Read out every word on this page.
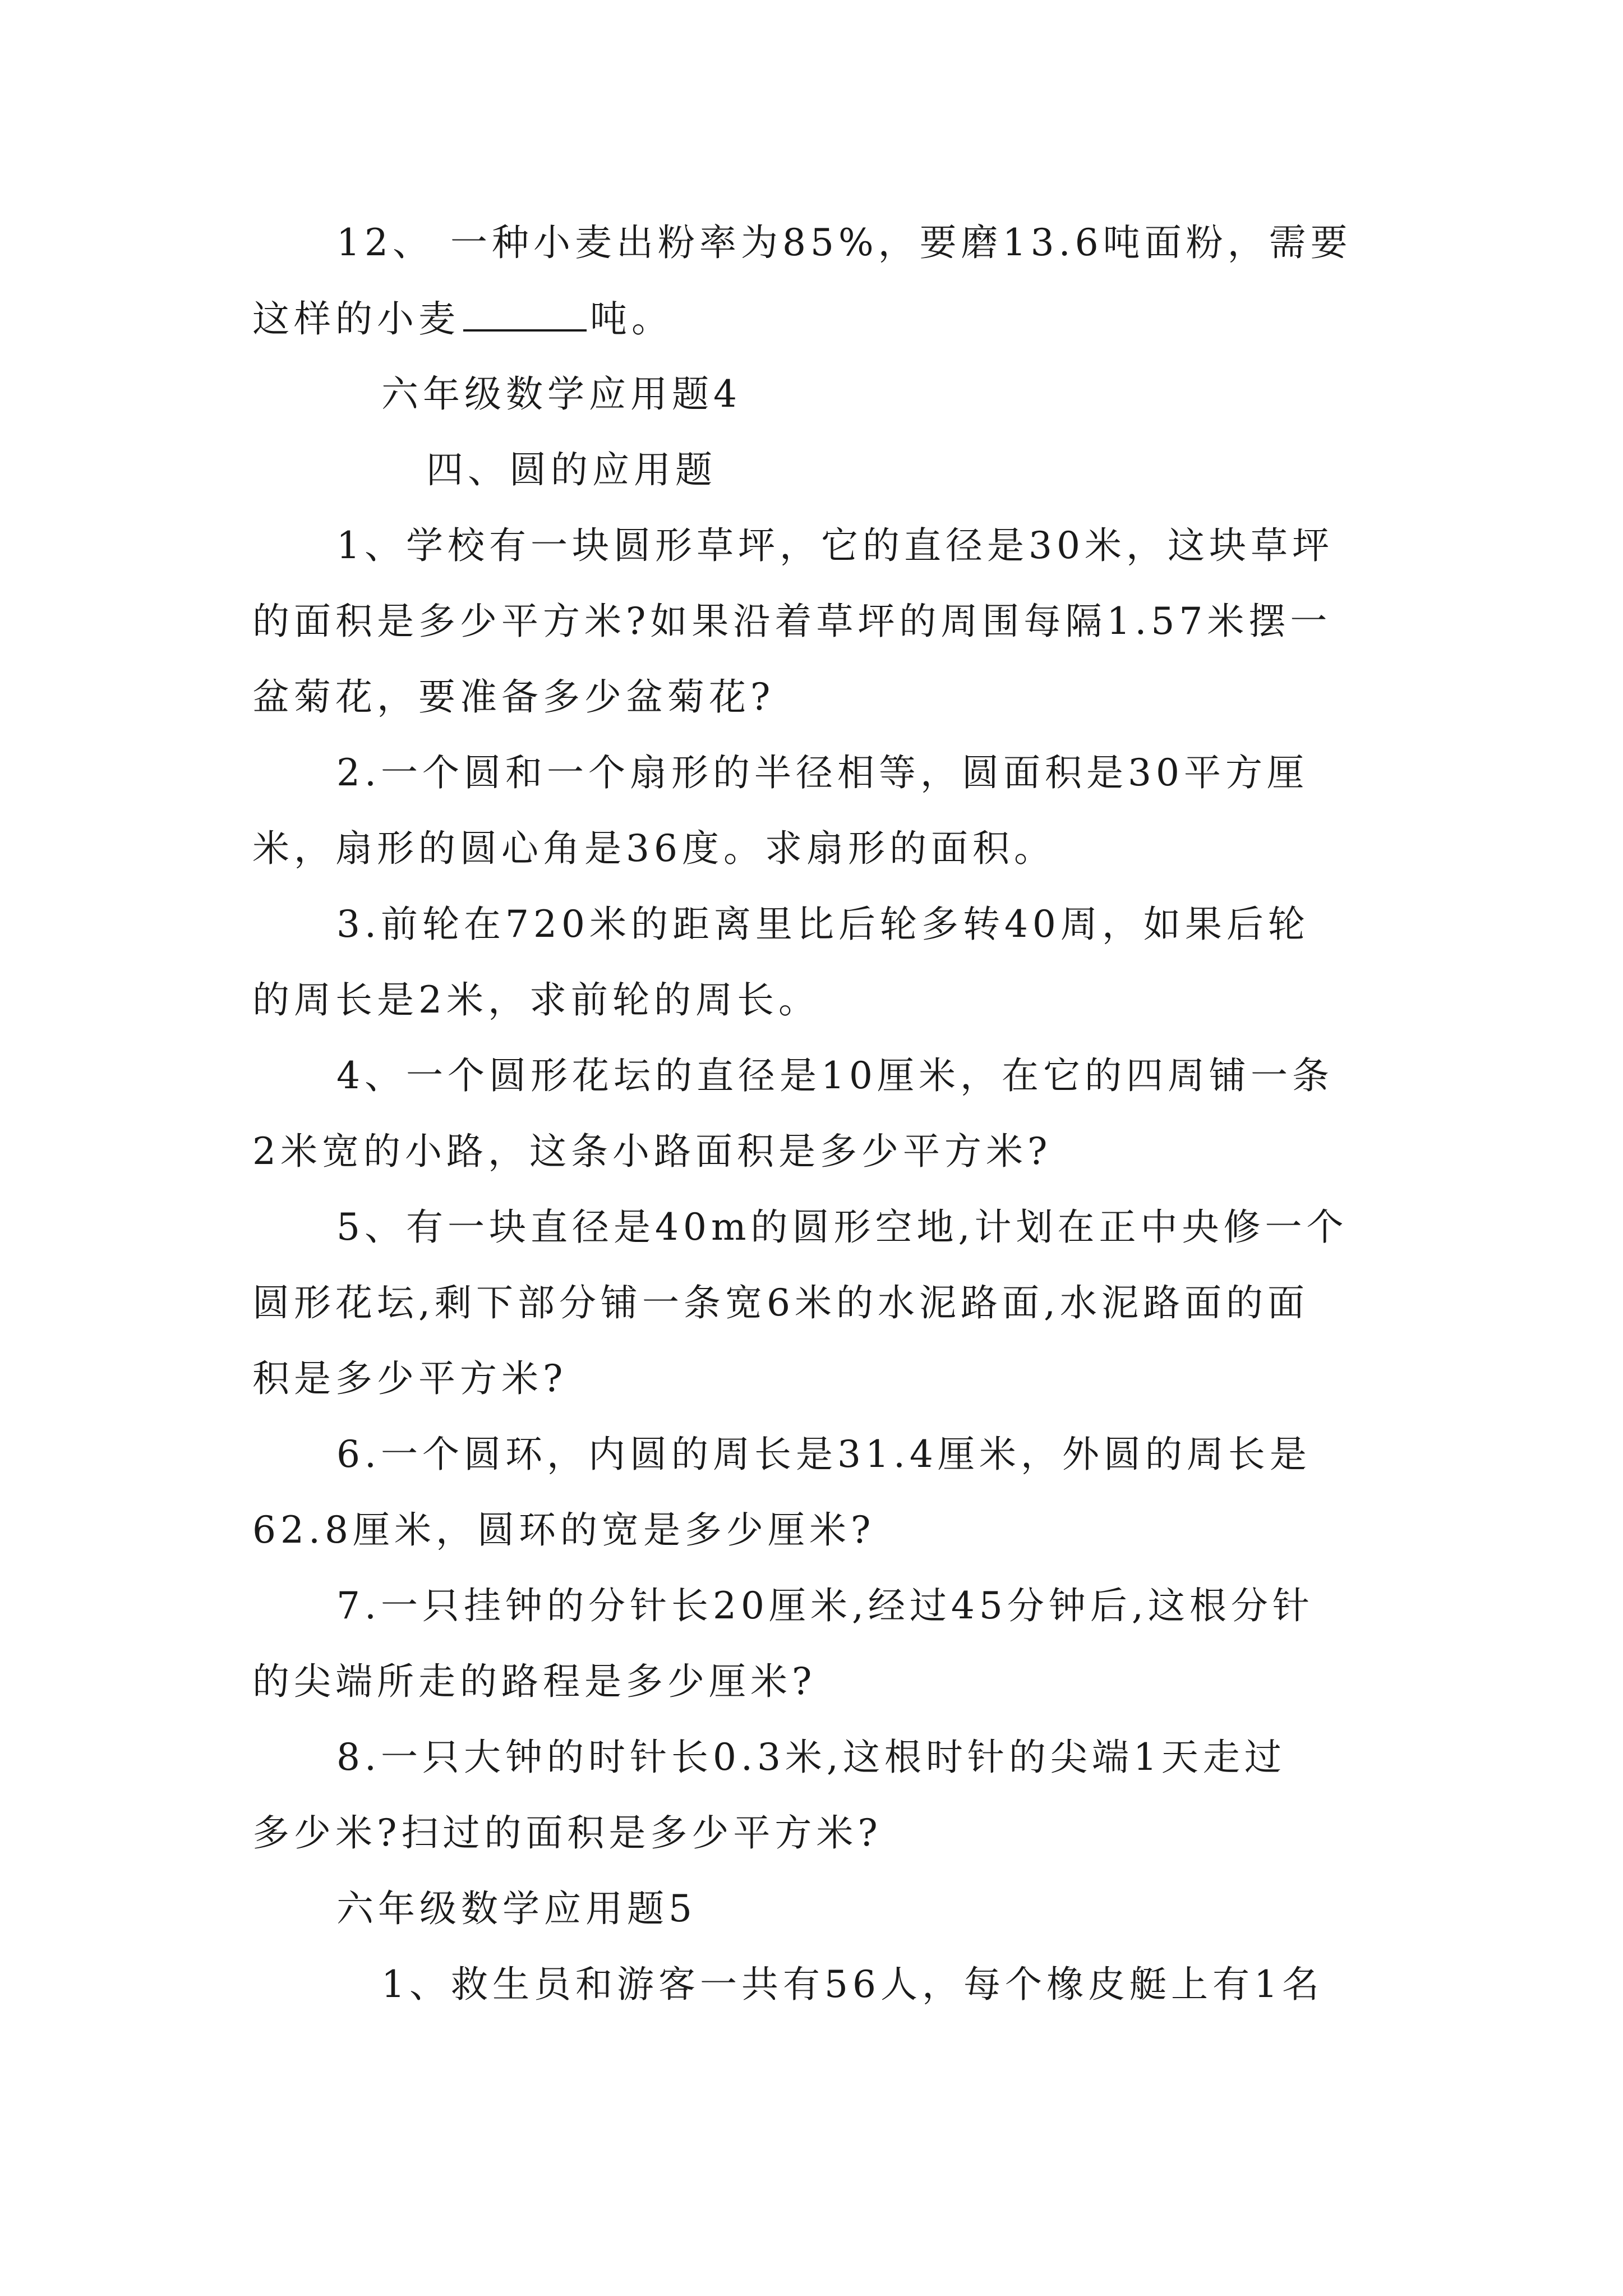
12、 一种小麦出粉率为85%，要磨13.6吨面粉，需要
这样的小麦	吨。
六年级数学应用题4
四、圆的应用题
1、学校有一块圆形草坪，它的直径是30米，这块草坪
的面积是多少平方米?如果沿着草坪的周围每隔1.57米摆一
盆菊花，要准备多少盆菊花?
2.一个圆和一个扇形的半径相等，圆面积是30平方厘
米，扇形的圆心角是36度。求扇形的面积。
3.前轮在720米的距离里比后轮多转40周，如果后轮
的周长是2米，求前轮的周长。
4、一个圆形花坛的直径是10厘米，在它的四周铺一条
2米宽的小路，这条小路面积是多少平方米?
5、有一块直径是40m的圆形空地,计划在正中央修一个
圆形花坛,剩下部分铺一条宽6米的水泥路面,水泥路面的面
积是多少平方米?
6.一个圆环，内圆的周长是31.4厘米，外圆的周长是
62.8厘米，圆环的宽是多少厘米?
7.一只挂钟的分针长20厘米,经过45分钟后,这根分针
的尖端所走的路程是多少厘米?
8.一只大钟的时针长0.3米,这根时针的尖端1天走过
多少米?扫过的面积是多少平方米?
六年级数学应用题5
1、救生员和游客一共有56人，每个橡皮艇上有1名
